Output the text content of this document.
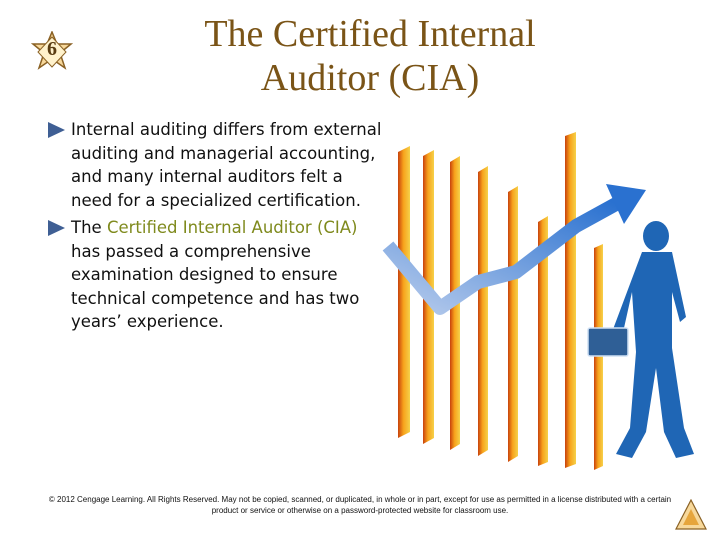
6	The Certified Internal
Auditor (CIA)
Internal auditing differs from external auditing and managerial accounting, and many internal auditors felt a need for a specialized certification.
The Certified Internal Auditor (CIA) has passed a comprehensive examination designed to ensure technical competence and has two years’ experience.
© 2012 Cengage Learning. All Rights Reserved. May not be copied, scanned, or duplicated, in whole or in part, except for use as permitted in a license distributed with a certain product or service or otherwise on a password-protected website for classroom use.
